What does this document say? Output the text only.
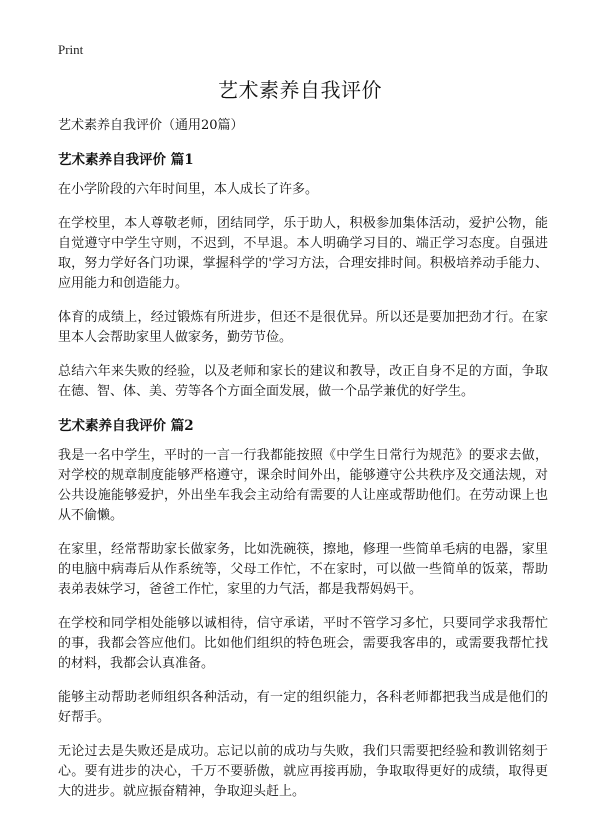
Print
艺术素养自我评价

艺术素养自我评价（通用20篇）

艺术素养自我评价 篇1

在小学阶段的六年时间里，本人成长了许多。

在学校里，本人尊敬老师，团结同学，乐于助人，积极参加集体活动，爱护公物，能自觉遵守中学生守则，不迟到，不早退。本人明确学习目的、端正学习态度。自强进取，努力学好各门功课，掌握科学的'学习方法，合理安排时间。积极培养动手能力、应用能力和创造能力。

体育的成绩上，经过锻炼有所进步，但还不是很优异。所以还是要加把劲才行。在家里本人会帮助家里人做家务，勤劳节俭。

总结六年来失败的经验，以及老师和家长的建议和教导，改正自身不足的方面，争取在德、智、体、美、劳等各个方面全面发展，做一个品学兼优的好学生。

艺术素养自我评价 篇2

我是一名中学生，平时的一言一行我都能按照《中学生日常行为规范》的要求去做，对学校的规章制度能够严格遵守，课余时间外出，能够遵守公共秩序及交通法规，对公共设施能够爱护，外出坐车我会主动给有需要的人让座或帮助他们。在劳动课上也从不偷懒。

在家里，经常帮助家长做家务，比如洗碗筷，擦地，修理一些简单毛病的电器，家里的电脑中病毒后从作系统等，父母工作忙，不在家时，可以做一些简单的饭菜，帮助表弟表妹学习，爸爸工作忙，家里的力气活，都是我帮妈妈干。

在学校和同学相处能够以诚相待，信守承诺，平时不管学习多忙，只要同学求我帮忙的事，我都会答应他们。比如他们组织的特色班会，需要我客串的，或需要我帮忙找的材料，我都会认真准备。

能够主动帮助老师组织各种活动，有一定的组织能力，各科老师都把我当成是他们的好帮手。

无论过去是失败还是成功。忘记以前的成功与失败，我们只需要把经验和教训铭刻于心。要有进步的决心，千万不要骄傲，就应再接再励，争取取得更好的成绩，取得更大的进步。就应振奋精神，争取迎头赶上。
